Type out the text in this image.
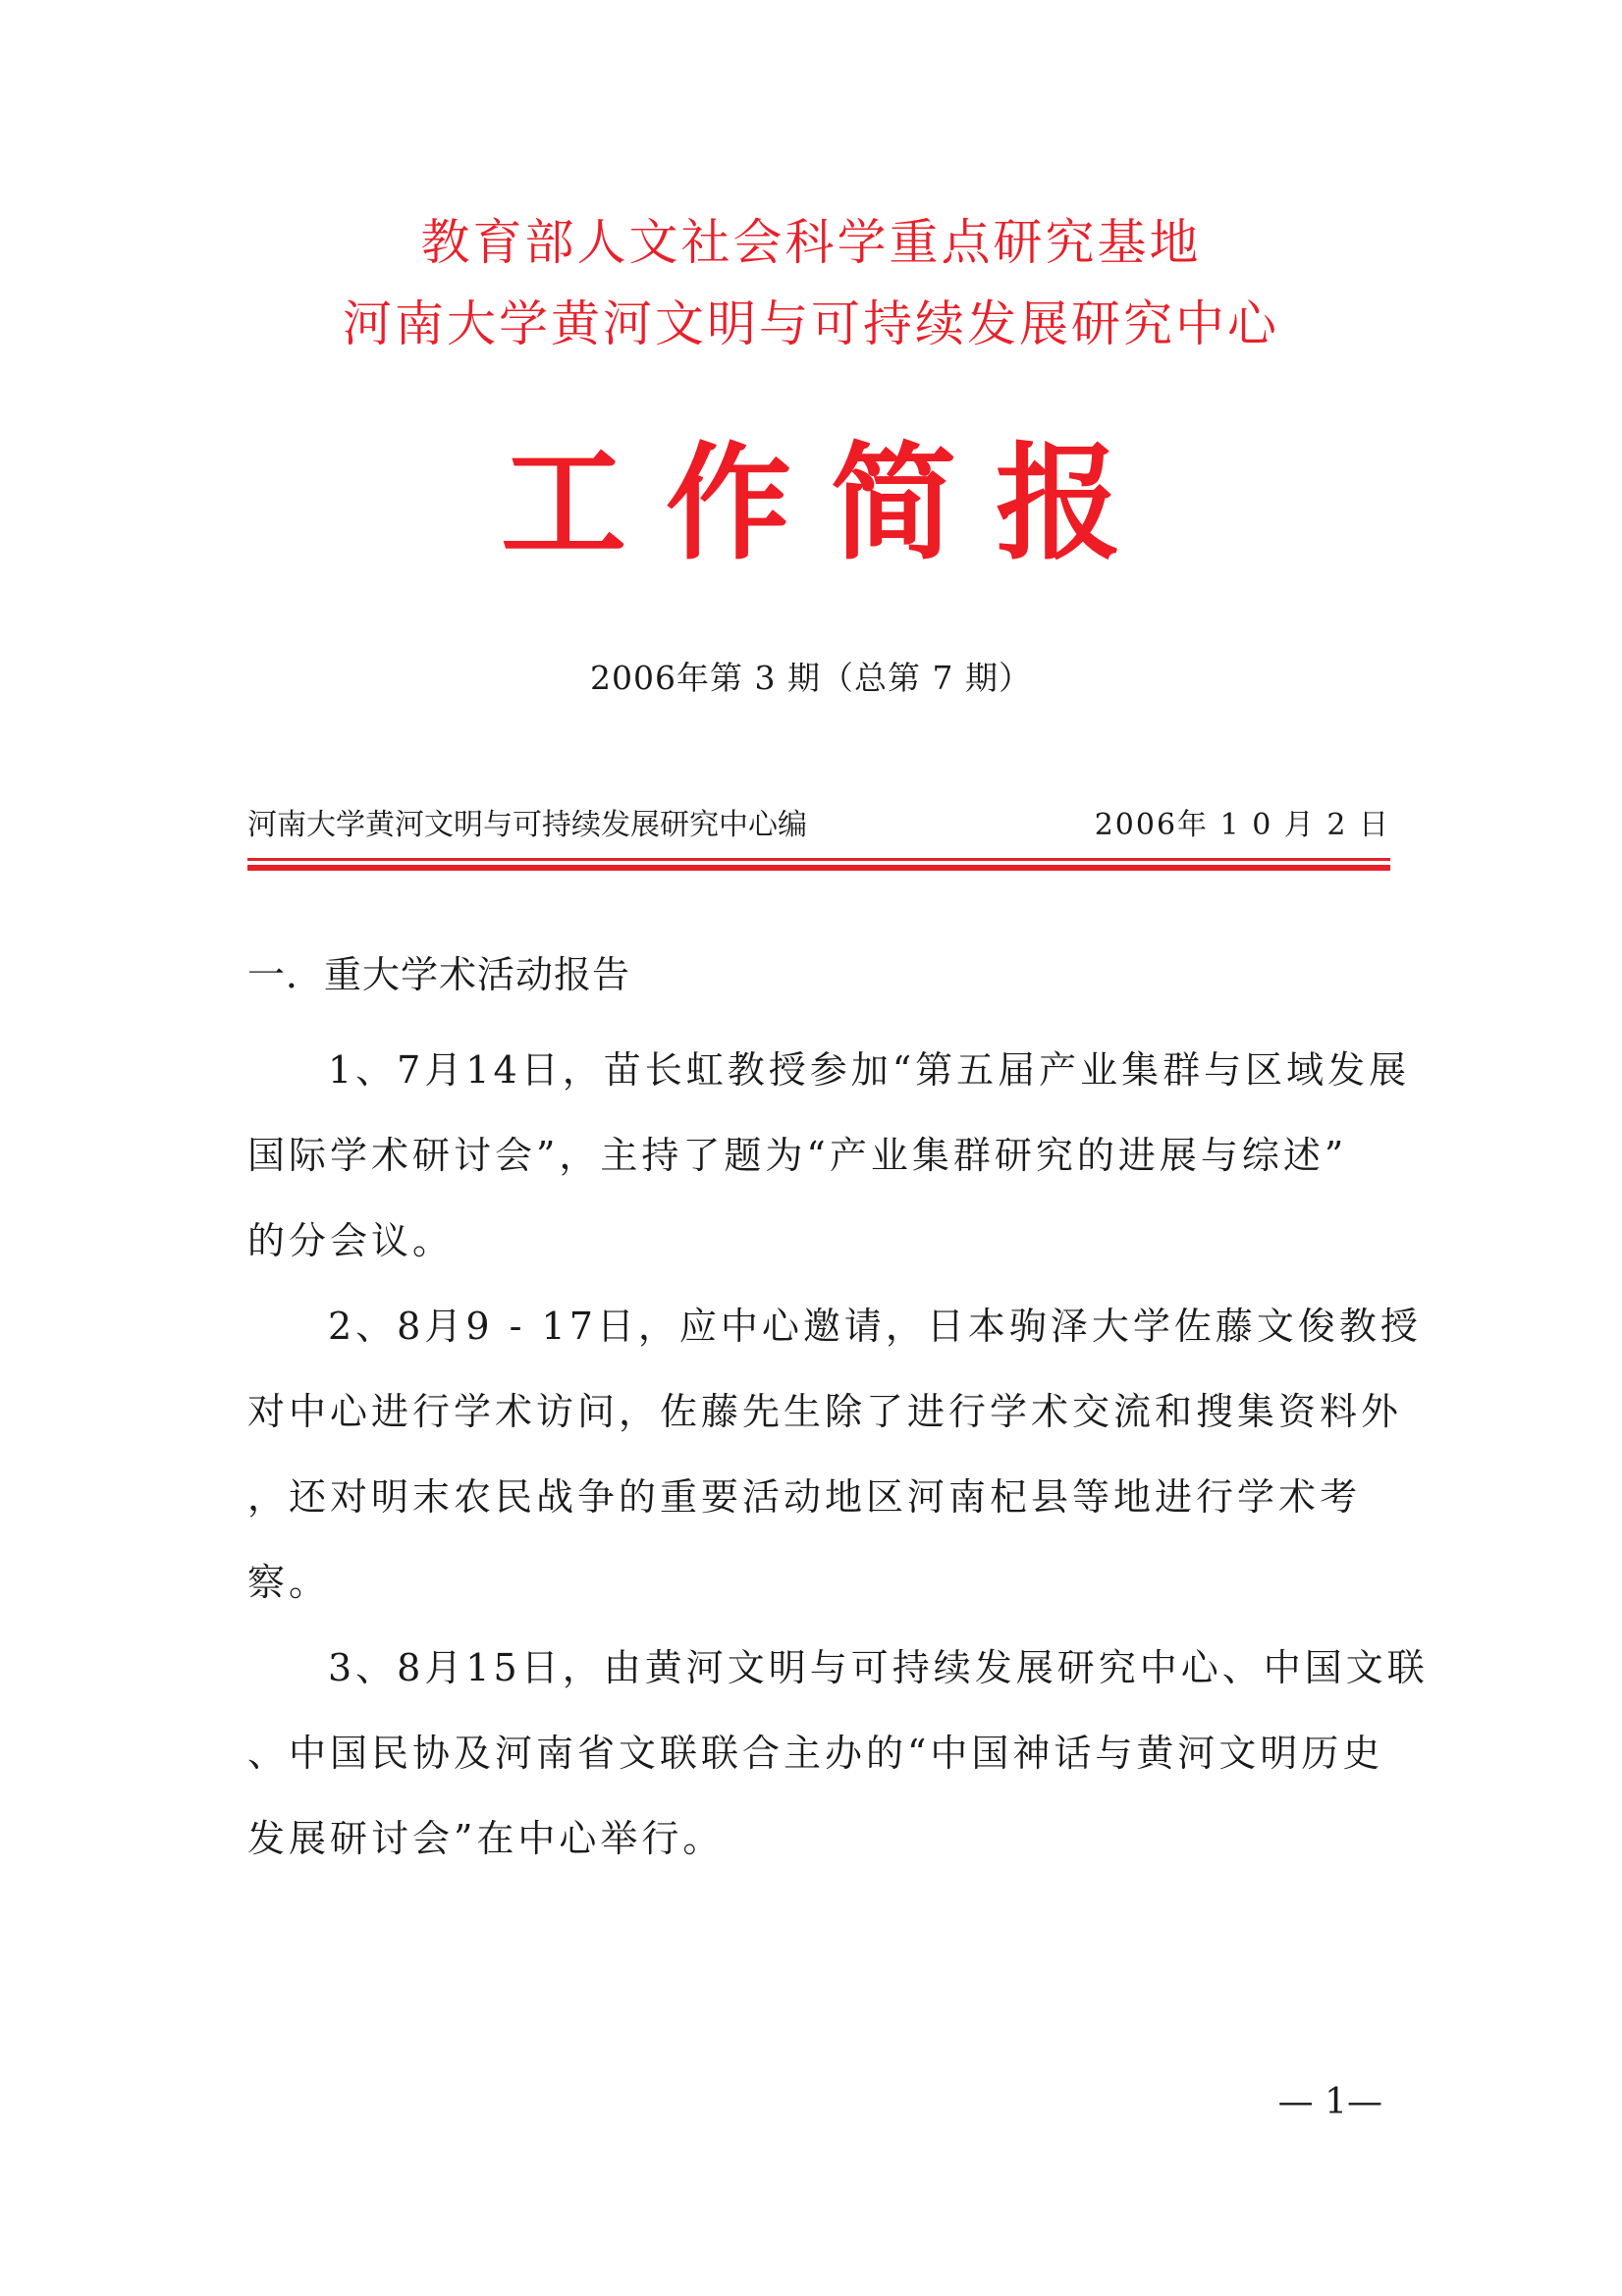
教育部人文社会科学重点研究基地
河南大学黄河文明与可持续发展研究中心
工作简报
2006年第 3 期（总第 7 期）
河南大学黄河文明与可持续发展研究中心编	2006年 1 0 月 2 日
一．重大学术活动报告
1、7月14日，苗长虹教授参加“第五届产业集群与区域发展
国际学术研讨会”，主持了题为“产业集群研究的进展与综述”
的分会议。
2、8月9 - 17日，应中心邀请，日本驹泽大学佐藤文俊教授
对中心进行学术访问，佐藤先生除了进行学术交流和搜集资料外
，还对明末农民战争的重要活动地区河南杞县等地进行学术考
察。
3、8月15日，由黄河文明与可持续发展研究中心、中国文联
、中国民协及河南省文联联合主办的“中国神话与黄河文明历史
发展研讨会”在中心举行。
— 1—
